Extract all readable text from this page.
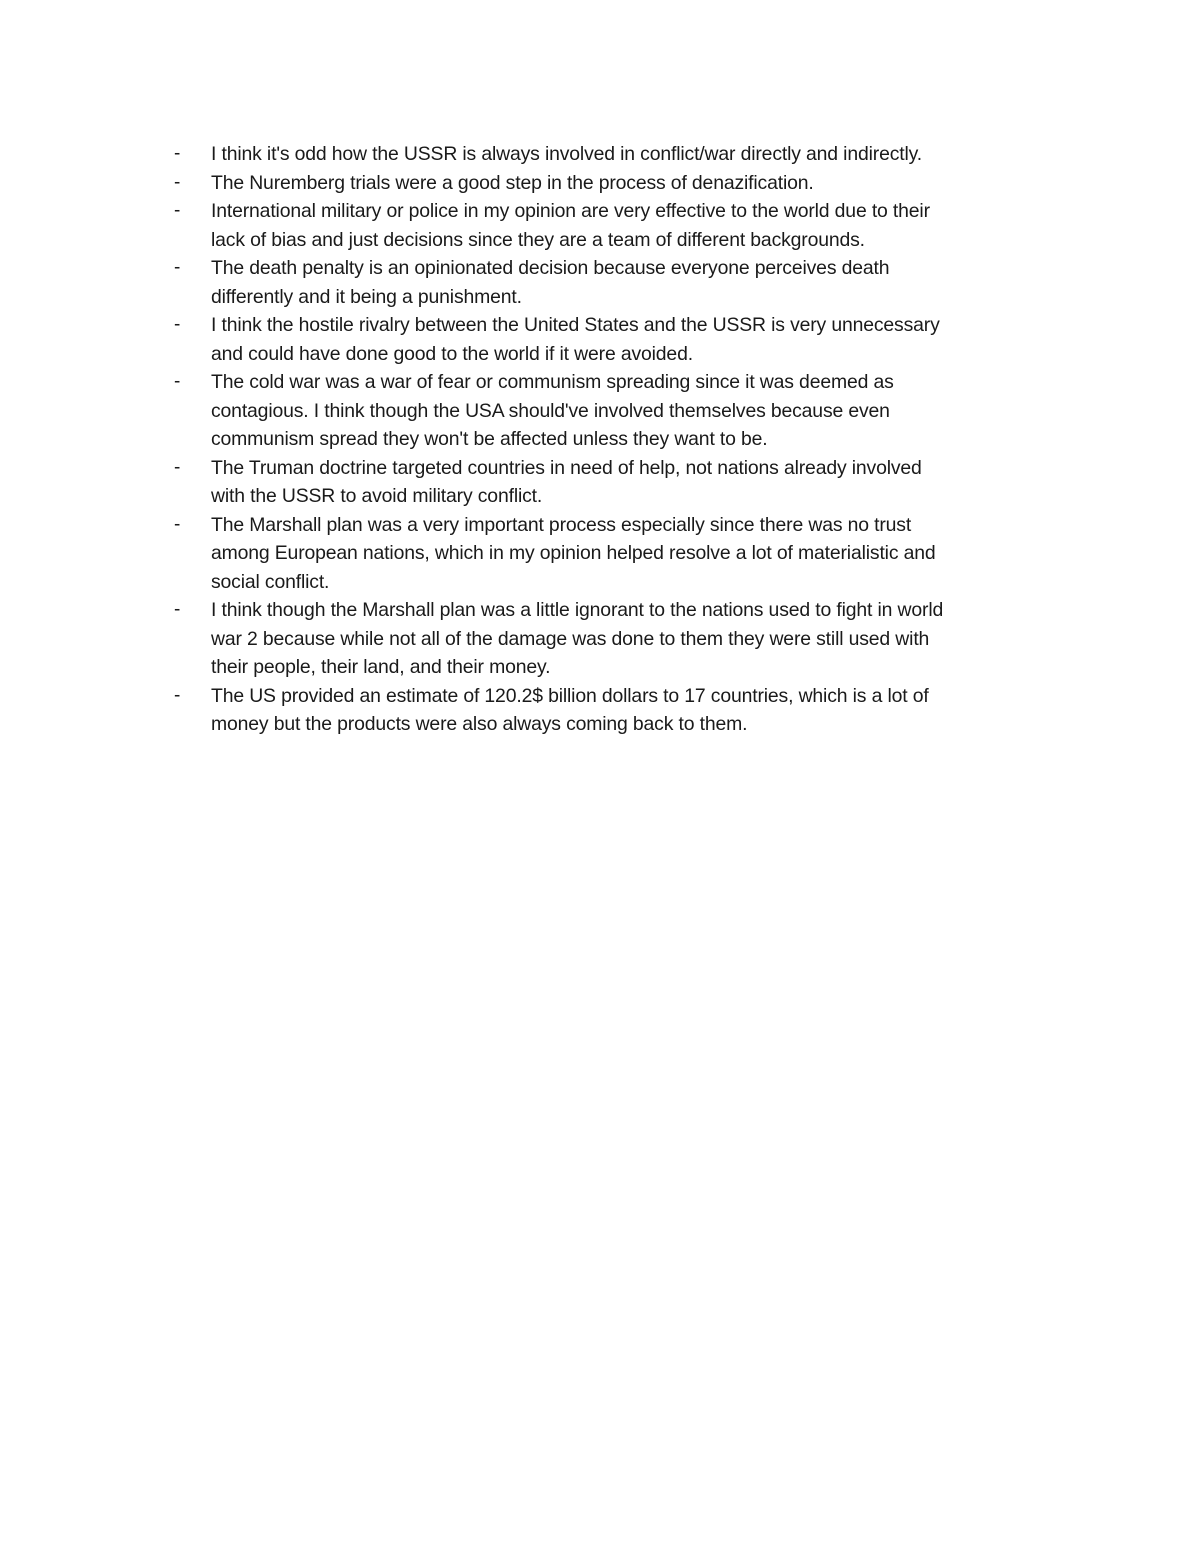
- I think it's odd how the USSR is always involved in conflict/war directly and indirectly.
- The Nuremberg trials were a good step in the process of denazification.
- International military or police in my opinion are very effective to the world due to their
lack of bias and just decisions since they are a team of different backgrounds.
- The death penalty is an opinionated decision because everyone perceives death
differently and it being a punishment.
- I think the hostile rivalry between the United States and the USSR is very unnecessary
and could have done good to the world if it were avoided.
- The cold war was a war of fear or communism spreading since it was deemed as
contagious. I think though the USA should've involved themselves because even
communism spread they won't be affected unless they want to be.
- The Truman doctrine targeted countries in need of help, not nations already involved
with the USSR to avoid military conflict.
- The Marshall plan was a very important process especially since there was no trust
among European nations, which in my opinion helped resolve a lot of materialistic and
social conflict.
- I think though the Marshall plan was a little ignorant to the nations used to fight in world
war 2 because while not all of the damage was done to them they were still used with
their people, their land, and their money.
- The US provided an estimate of 120.2$ billion dollars to 17 countries, which is a lot of
money but the products were also always coming back to them.
